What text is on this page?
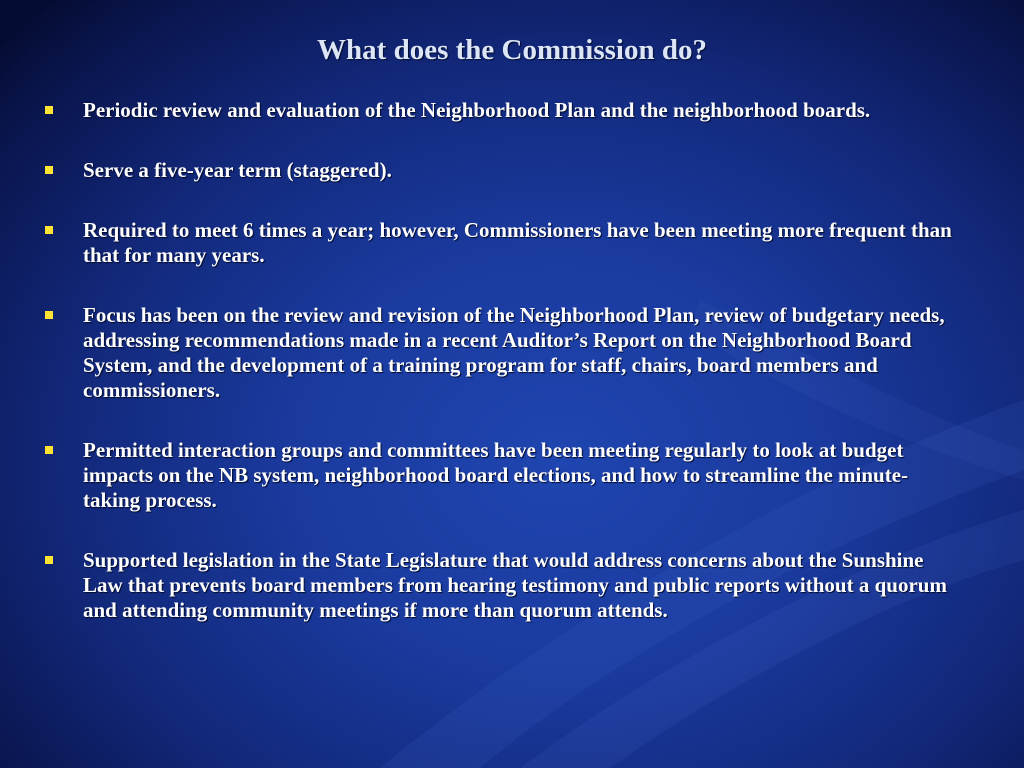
What does the Commission do?
Periodic review and evaluation of the Neighborhood Plan and the neighborhood boards.
Serve a five-year term (staggered).
Required to meet 6 times a year; however, Commissioners have been meeting more frequent than that for many years.
Focus has been on the review and revision of the Neighborhood Plan, review of budgetary needs, addressing recommendations made in a recent Auditor’s Report on the Neighborhood Board System, and the development of a training program for staff, chairs, board members and commissioners.
Permitted interaction groups and committees have been meeting regularly to look at budget impacts on the NB system, neighborhood board elections, and how to streamline the minute-taking process.
Supported legislation in the State Legislature that would address concerns about the Sunshine Law that prevents board members from hearing testimony and public reports without a quorum and attending community meetings if more than quorum attends.
